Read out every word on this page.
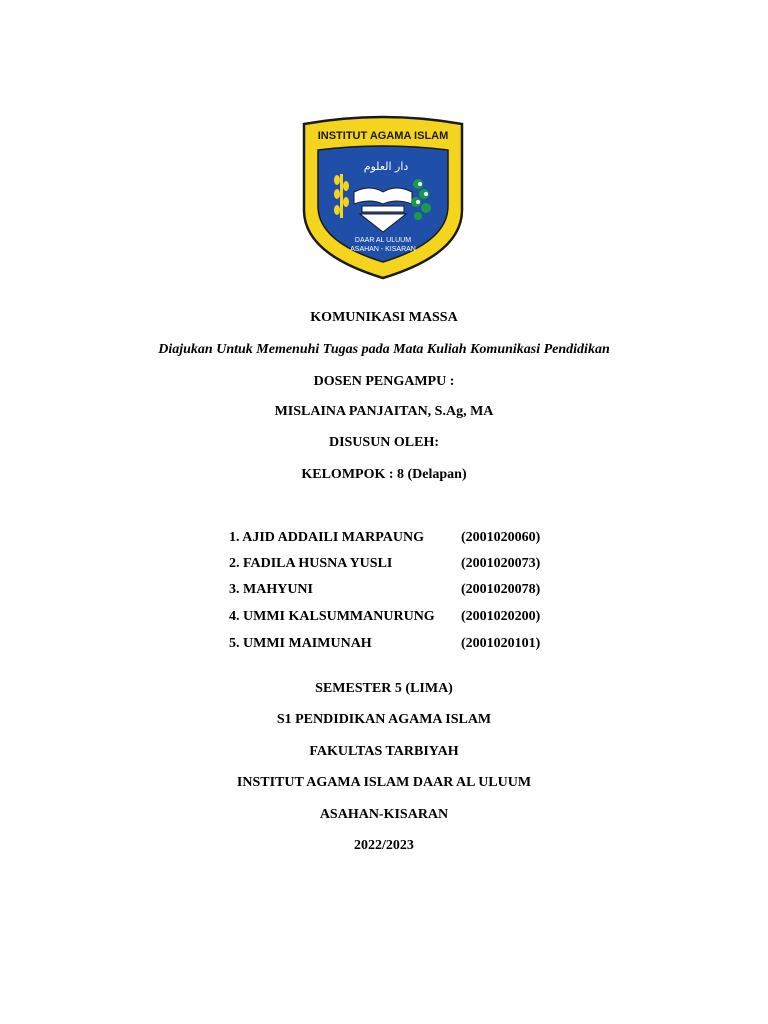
INSTITUT AGAMA ISLAM
دار العلوم
DAAR AL ULUUM
ASAHAN - KISARAN
KOMUNIKASI MASSA
Diajukan Untuk Memenuhi Tugas pada Mata Kuliah Komunikasi Pendidikan
DOSEN PENGAMPU :
MISLAINA PANJAITAN, S.Ag, MA
DISUSUN OLEH:
KELOMPOK : 8 (Delapan)
1. AJID ADDAILI MARPAUNG	(2001020060)
2. FADILA HUSNA YUSLI	(2001020073)
3. MAHYUNI	(2001020078)
4. UMMI KALSUMMANURUNG (2001020200)
5. UMMI MAIMUNAH	(2001020101)
SEMESTER 5 (LIMA)
S1 PENDIDIKAN AGAMA ISLAM
FAKULTAS TARBIYAH
INSTITUT AGAMA ISLAM DAAR AL ULUUM
ASAHAN-KISARAN
2022/2023
